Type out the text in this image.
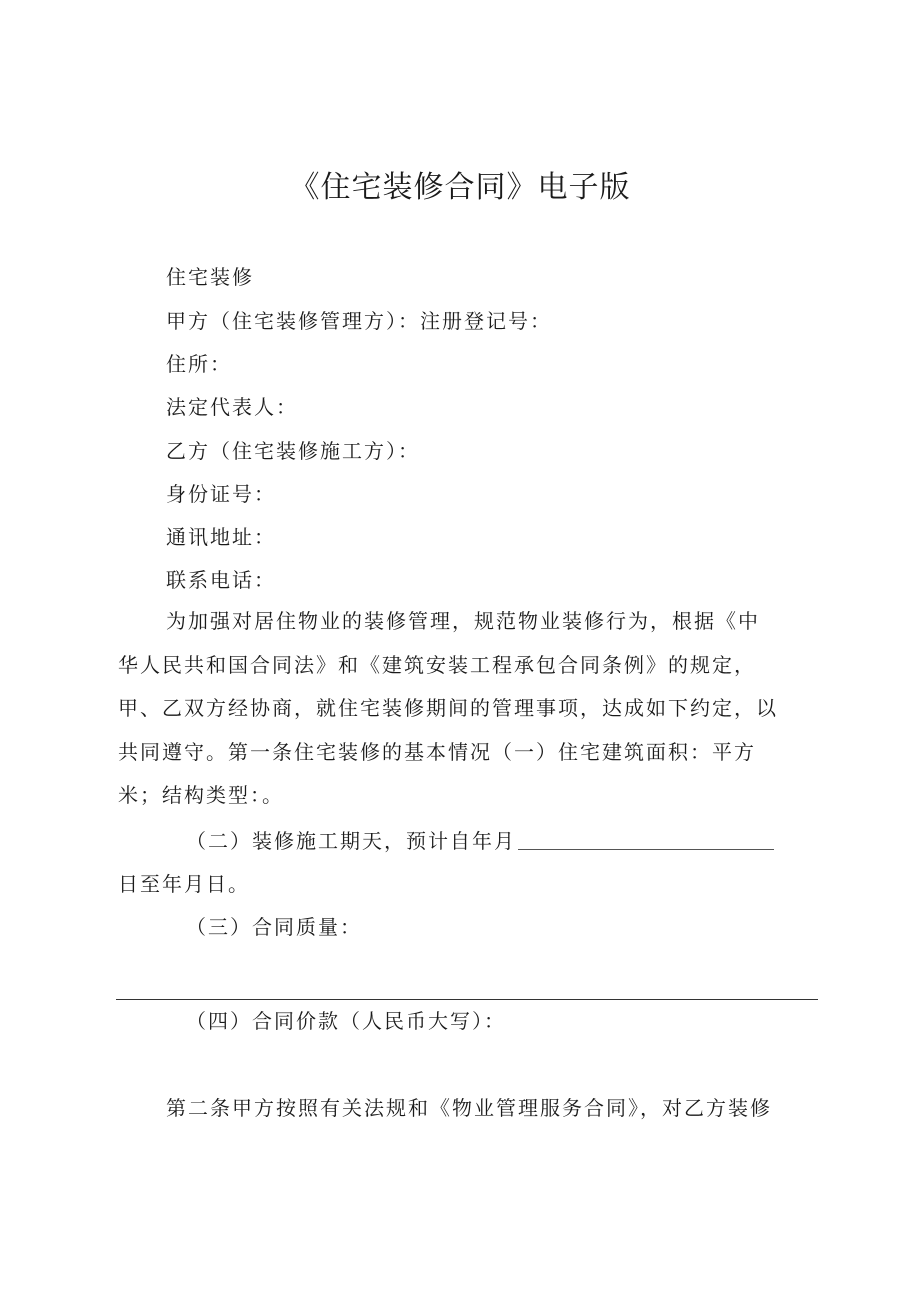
《住宅装修合同》电子版
住宅装修
甲方（住宅装修管理方）：注册登记号：
住所：
法定代表人：
乙方（住宅装修施工方）：
身份证号：
通讯地址：
联系电话：
为加强对居住物业的装修管理，规范物业装修行为，根据《中
华人民共和国合同法》和《建筑安装工程承包合同条例》的规定，
甲、乙双方经协商，就住宅装修期间的管理事项，达成如下约定，以
共同遵守。第一条住宅装修的基本情况（一）住宅建筑面积：平方
米；结构类型：。
（二）装修施工期天，预计自年月
日至年月日。
（三）合同质量：
（四）合同价款（人民币大写）：
第二条甲方按照有关法规和《物业管理服务合同》，对乙方装修
